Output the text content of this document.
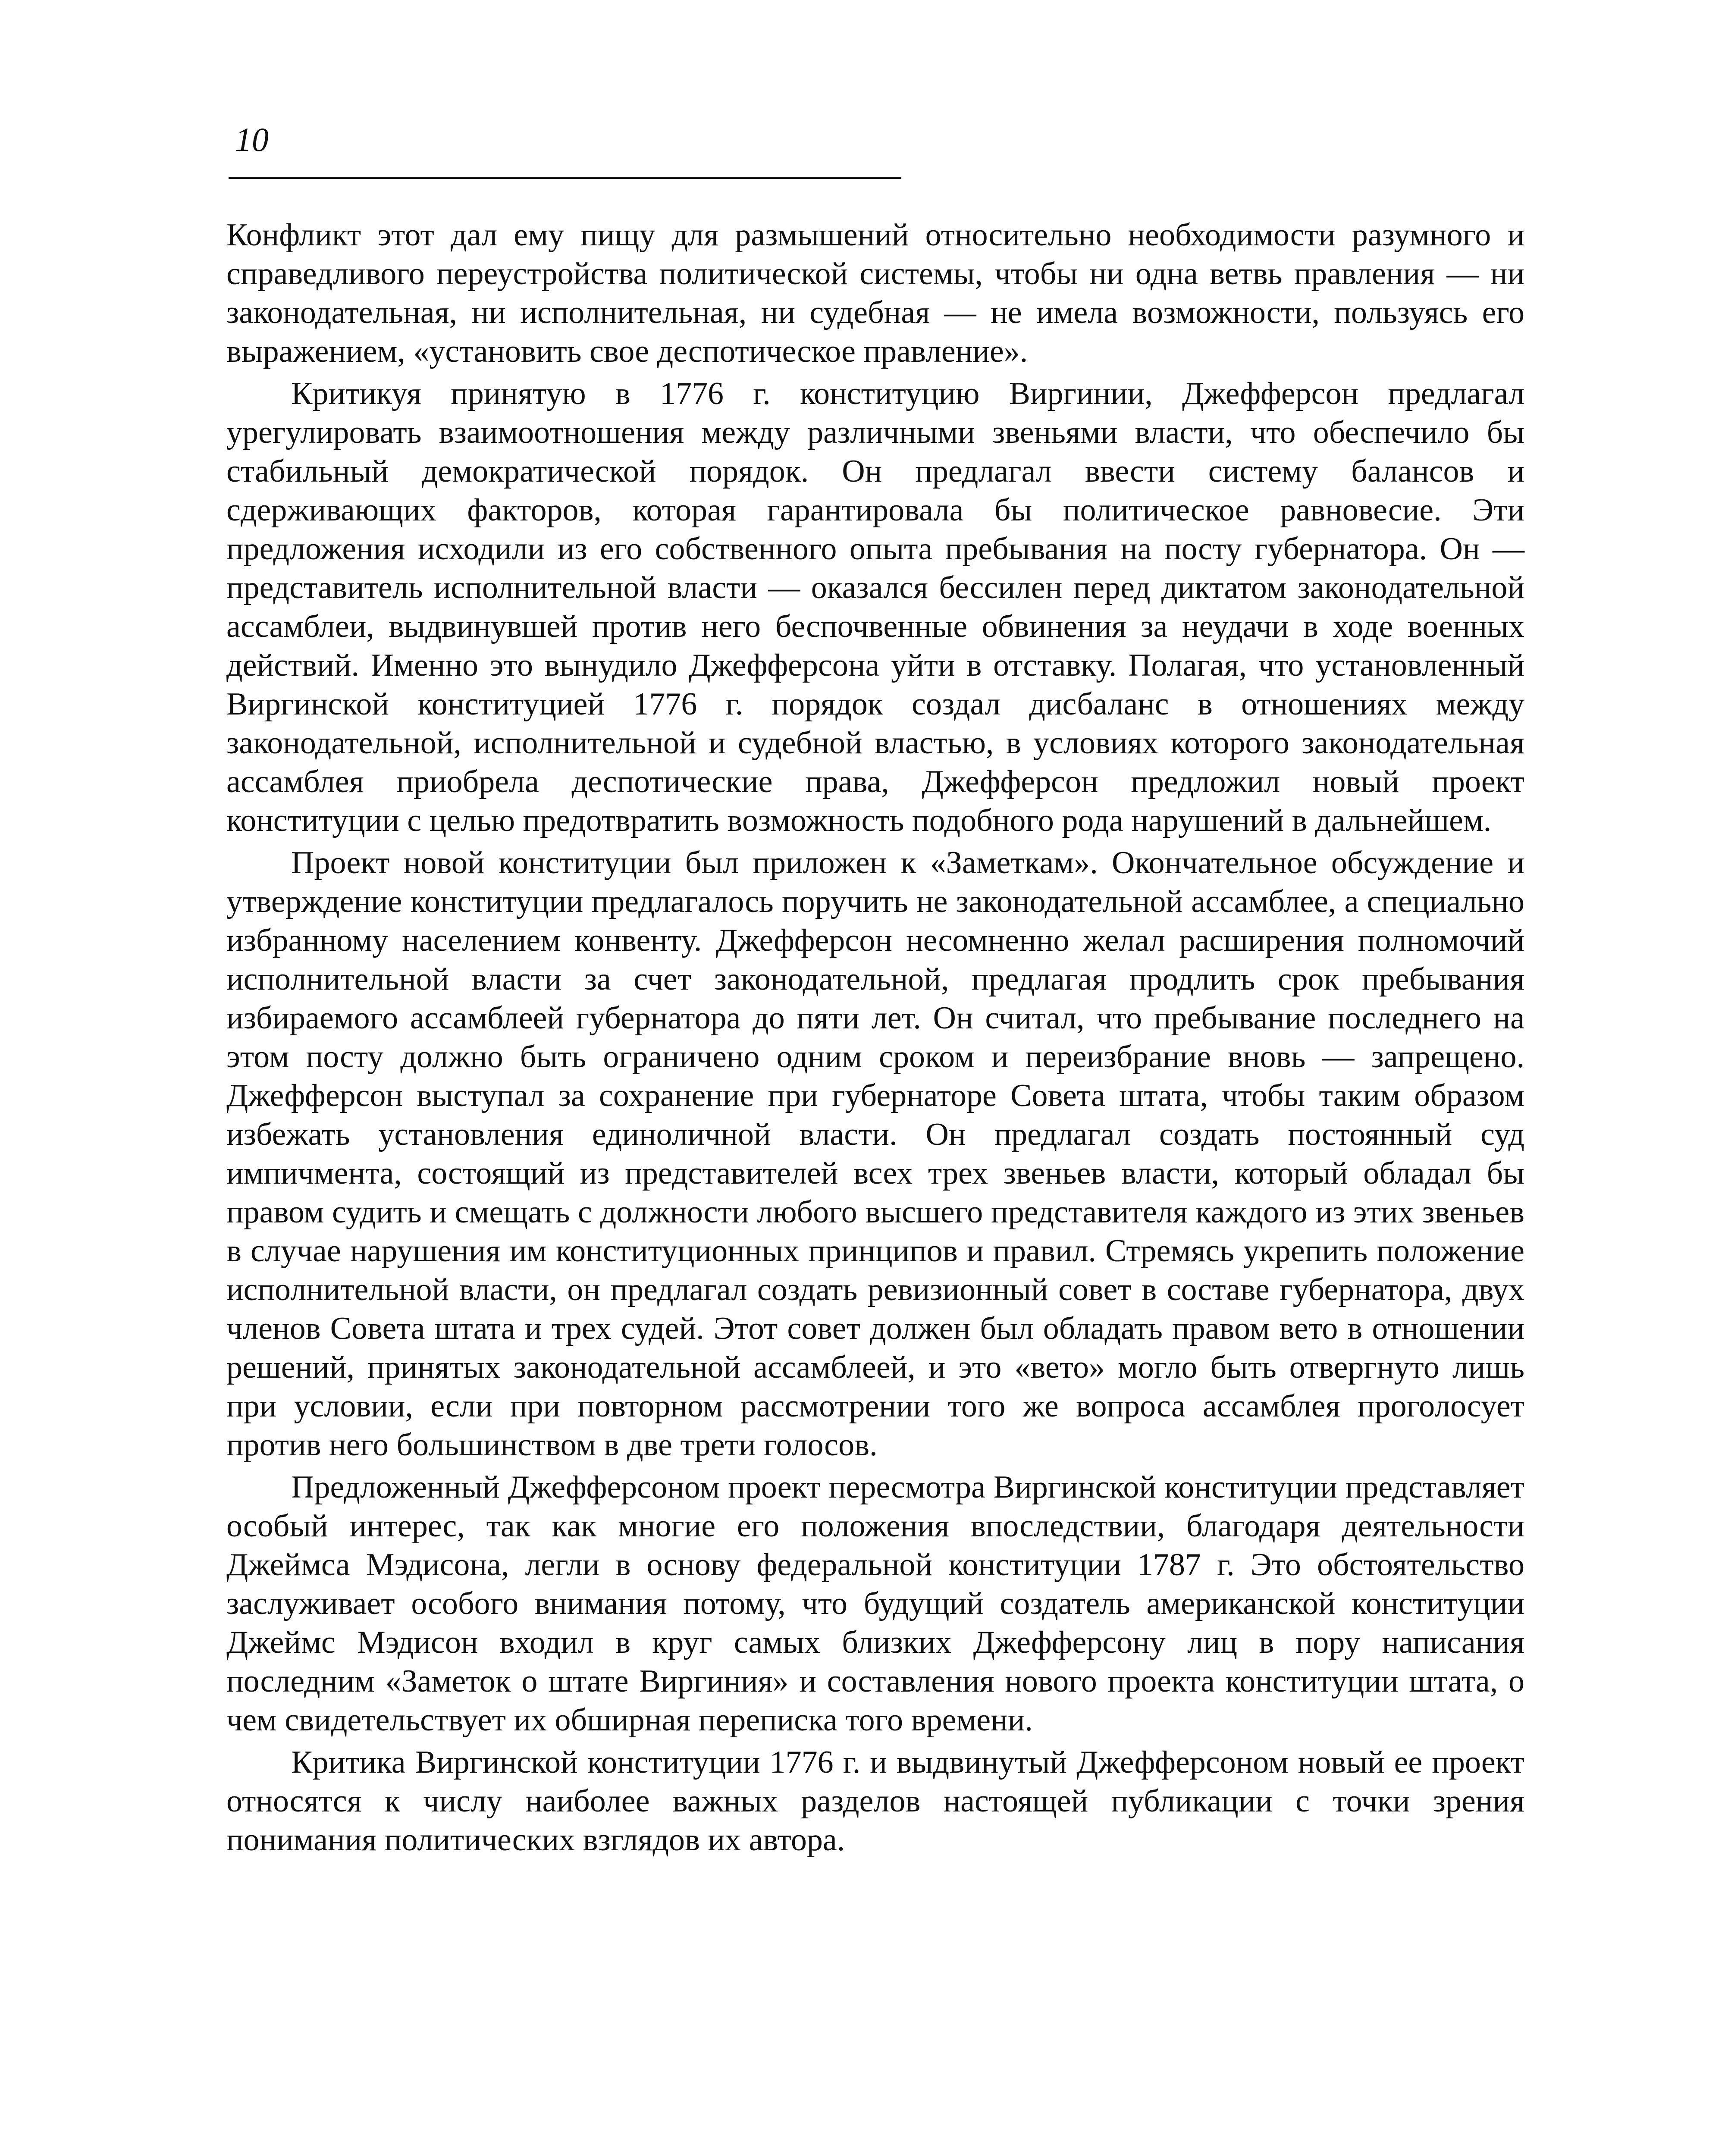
10

Конфликт этот дал ему пищу для размышений относительно необходимости разумного и справедливого переустройства политической системы, чтобы ни одна ветвь правления — ни законодательная, ни исполнительная, ни судебная — не имела возможности, пользуясь его выражением, «установить свое деспотическое правление».

Критикуя принятую в 1776 г. конституцию Виргинии, Джефферсон предлагал урегулировать взаимоотношения между различными звеньями власти, что обеспечило бы стабильный демократической порядок. Он предлагал ввести систему балансов и сдерживающих факторов, которая гарантировала бы политическое равновесие. Эти предложения исходили из его собственного опыта пребывания на посту губернатора. Он — представитель исполнительной власти — оказался бессилен перед диктатом законодательной ассамблеи, выдвинувшей против него беспочвенные обвинения за неудачи в ходе военных действий. Именно это вынудило Джефферсона уйти в отставку. Полагая, что установленный Виргинской конституцией 1776 г. порядок создал дисбаланс в отношениях между законодательной, исполнительной и судебной властью, в условиях которого законодательная ассамблея приобрела деспотические права, Джефферсон предложил новый проект конституции с целью предотвратить возможность подобного рода нарушений в дальнейшем.

Проект новой конституции был приложен к «Заметкам». Окончательное обсуждение и утверждение конституции предлагалось поручить не законодательной ассамблее, а специально избранному населением конвенту. Джефферсон несомненно желал расширения полномочий исполнительной власти за счет законодательной, предлагая продлить срок пребывания избираемого ассамблеей губернатора до пяти лет. Он считал, что пребывание последнего на этом посту должно быть ограничено одним сроком и переизбрание вновь — запрещено. Джефферсон выступал за сохранение при губернаторе Совета штата, чтобы таким образом избежать установления единоличной власти. Он предлагал создать постоянный суд импичмента, состоящий из представителей всех трех звеньев власти, который обладал бы правом судить и смещать с должности любого высшего представителя каждого из этих звеньев в случае нарушения им конституционных принципов и правил. Стремясь укрепить положение исполнительной власти, он предлагал создать ревизионный совет в составе губернатора, двух членов Совета штата и трех судей. Этот совет должен был обладать правом вето в отношении решений, принятых законодательной ассамблеей, и это «вето» могло быть отвергнуто лишь при условии, если при повторном рассмотрении того же вопроса ассамблея проголосует против него большинством в две трети голосов.

Предложенный Джефферсоном проект пересмотра Виргинской конституции представляет особый интерес, так как многие его положения впоследствии, благодаря деятельности Джеймса Мэдисона, легли в основу федеральной конституции 1787 г. Это обстоятельство заслуживает особого внимания потому, что будущий создатель американской конституции Джеймс Мэдисон входил в круг самых близких Джефферсону лиц в пору написания последним «Заметок о штате Виргиния» и составления нового проекта конституции штата, о чем свидетельствует их обширная переписка того времени.

Критика Виргинской конституции 1776 г. и выдвинутый Джефферсоном новый ее проект относятся к числу наиболее важных разделов настоящей публикации с точки зрения понимания политических взглядов их автора.
